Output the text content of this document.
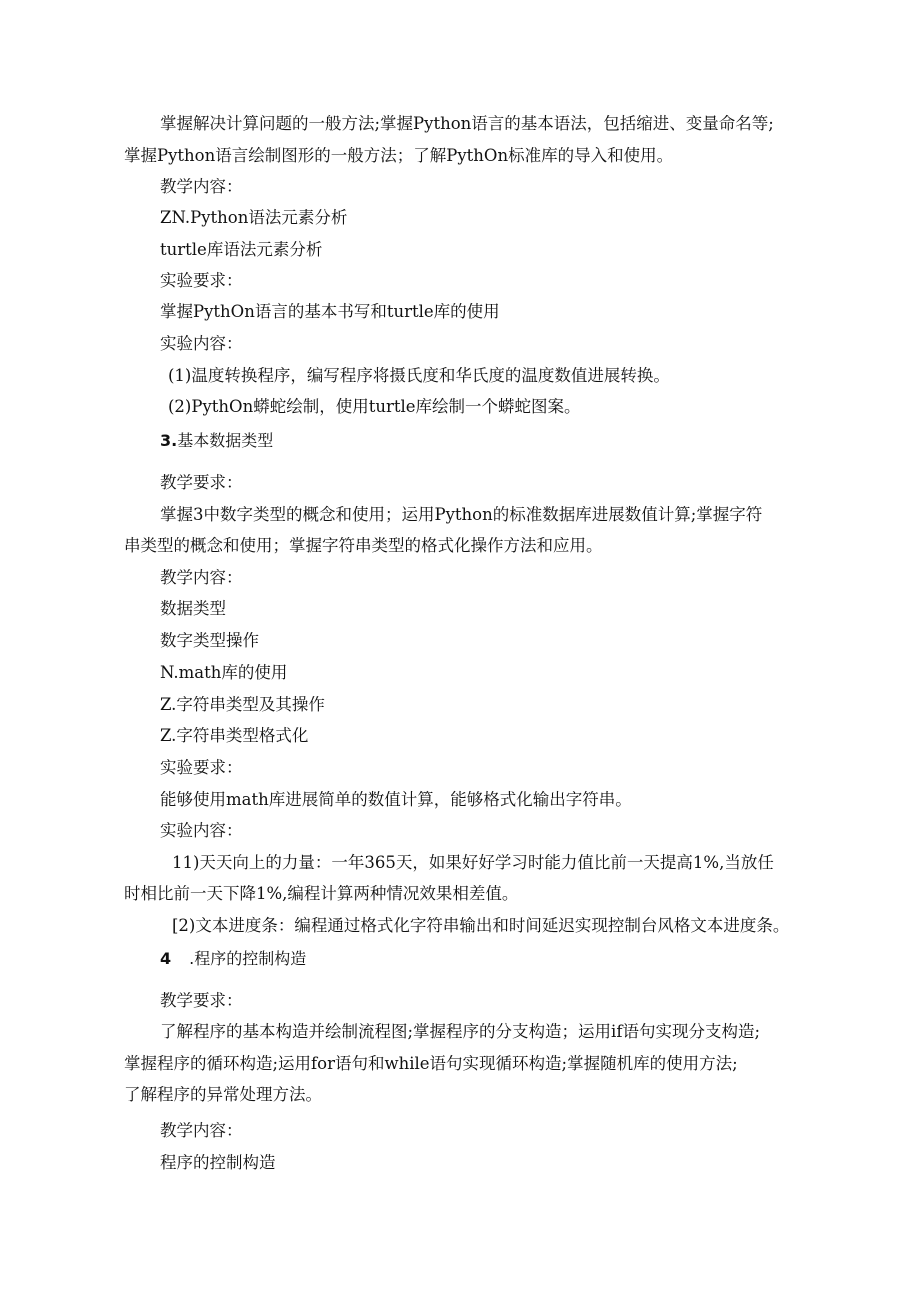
掌握解决计算问题的一般方法;掌握Python语言的基本语法，包括缩进、变量命名等;
掌握Python语言绘制图形的一般方法；了解PythOn标准库的导入和使用。
教学内容：
ZN.Python语法元素分析
turtle库语法元素分析
实验要求：
掌握PythOn语言的基本书写和turtle库的使用
实验内容：
(1)温度转换程序，编写程序将摄氏度和华氏度的温度数值进展转换。
(2)PythOn蟒蛇绘制，使用turtle库绘制一个蟒蛇图案。
3.基本数据类型
教学要求：
掌握3中数字类型的概念和使用；运用Python的标准数据库进展数值计算;掌握字符
串类型的概念和使用；掌握字符串类型的格式化操作方法和应用。
教学内容：
数据类型
数字类型操作
N.math库的使用
Z.字符串类型及其操作
Z.字符串类型格式化
实验要求：
能够使用math库进展简单的数值计算，能够格式化输出字符串。
实验内容：
11)天天向上的力量：一年365天，如果好好学习时能力值比前一天提高1%,当放任
时相比前一天下降1%,编程计算两种情况效果相差值。
[2)文本进度条：编程通过格式化字符串输出和时间延迟实现控制台风格文本进度条。
4 .程序的控制构造
教学要求：
了解程序的基本构造并绘制流程图;掌握程序的分支构造；运用if语句实现分支构造;
掌握程序的循环构造;运用for语句和while语句实现循环构造;掌握随机库的使用方法;
了解程序的异常处理方法。
教学内容：
程序的控制构造
